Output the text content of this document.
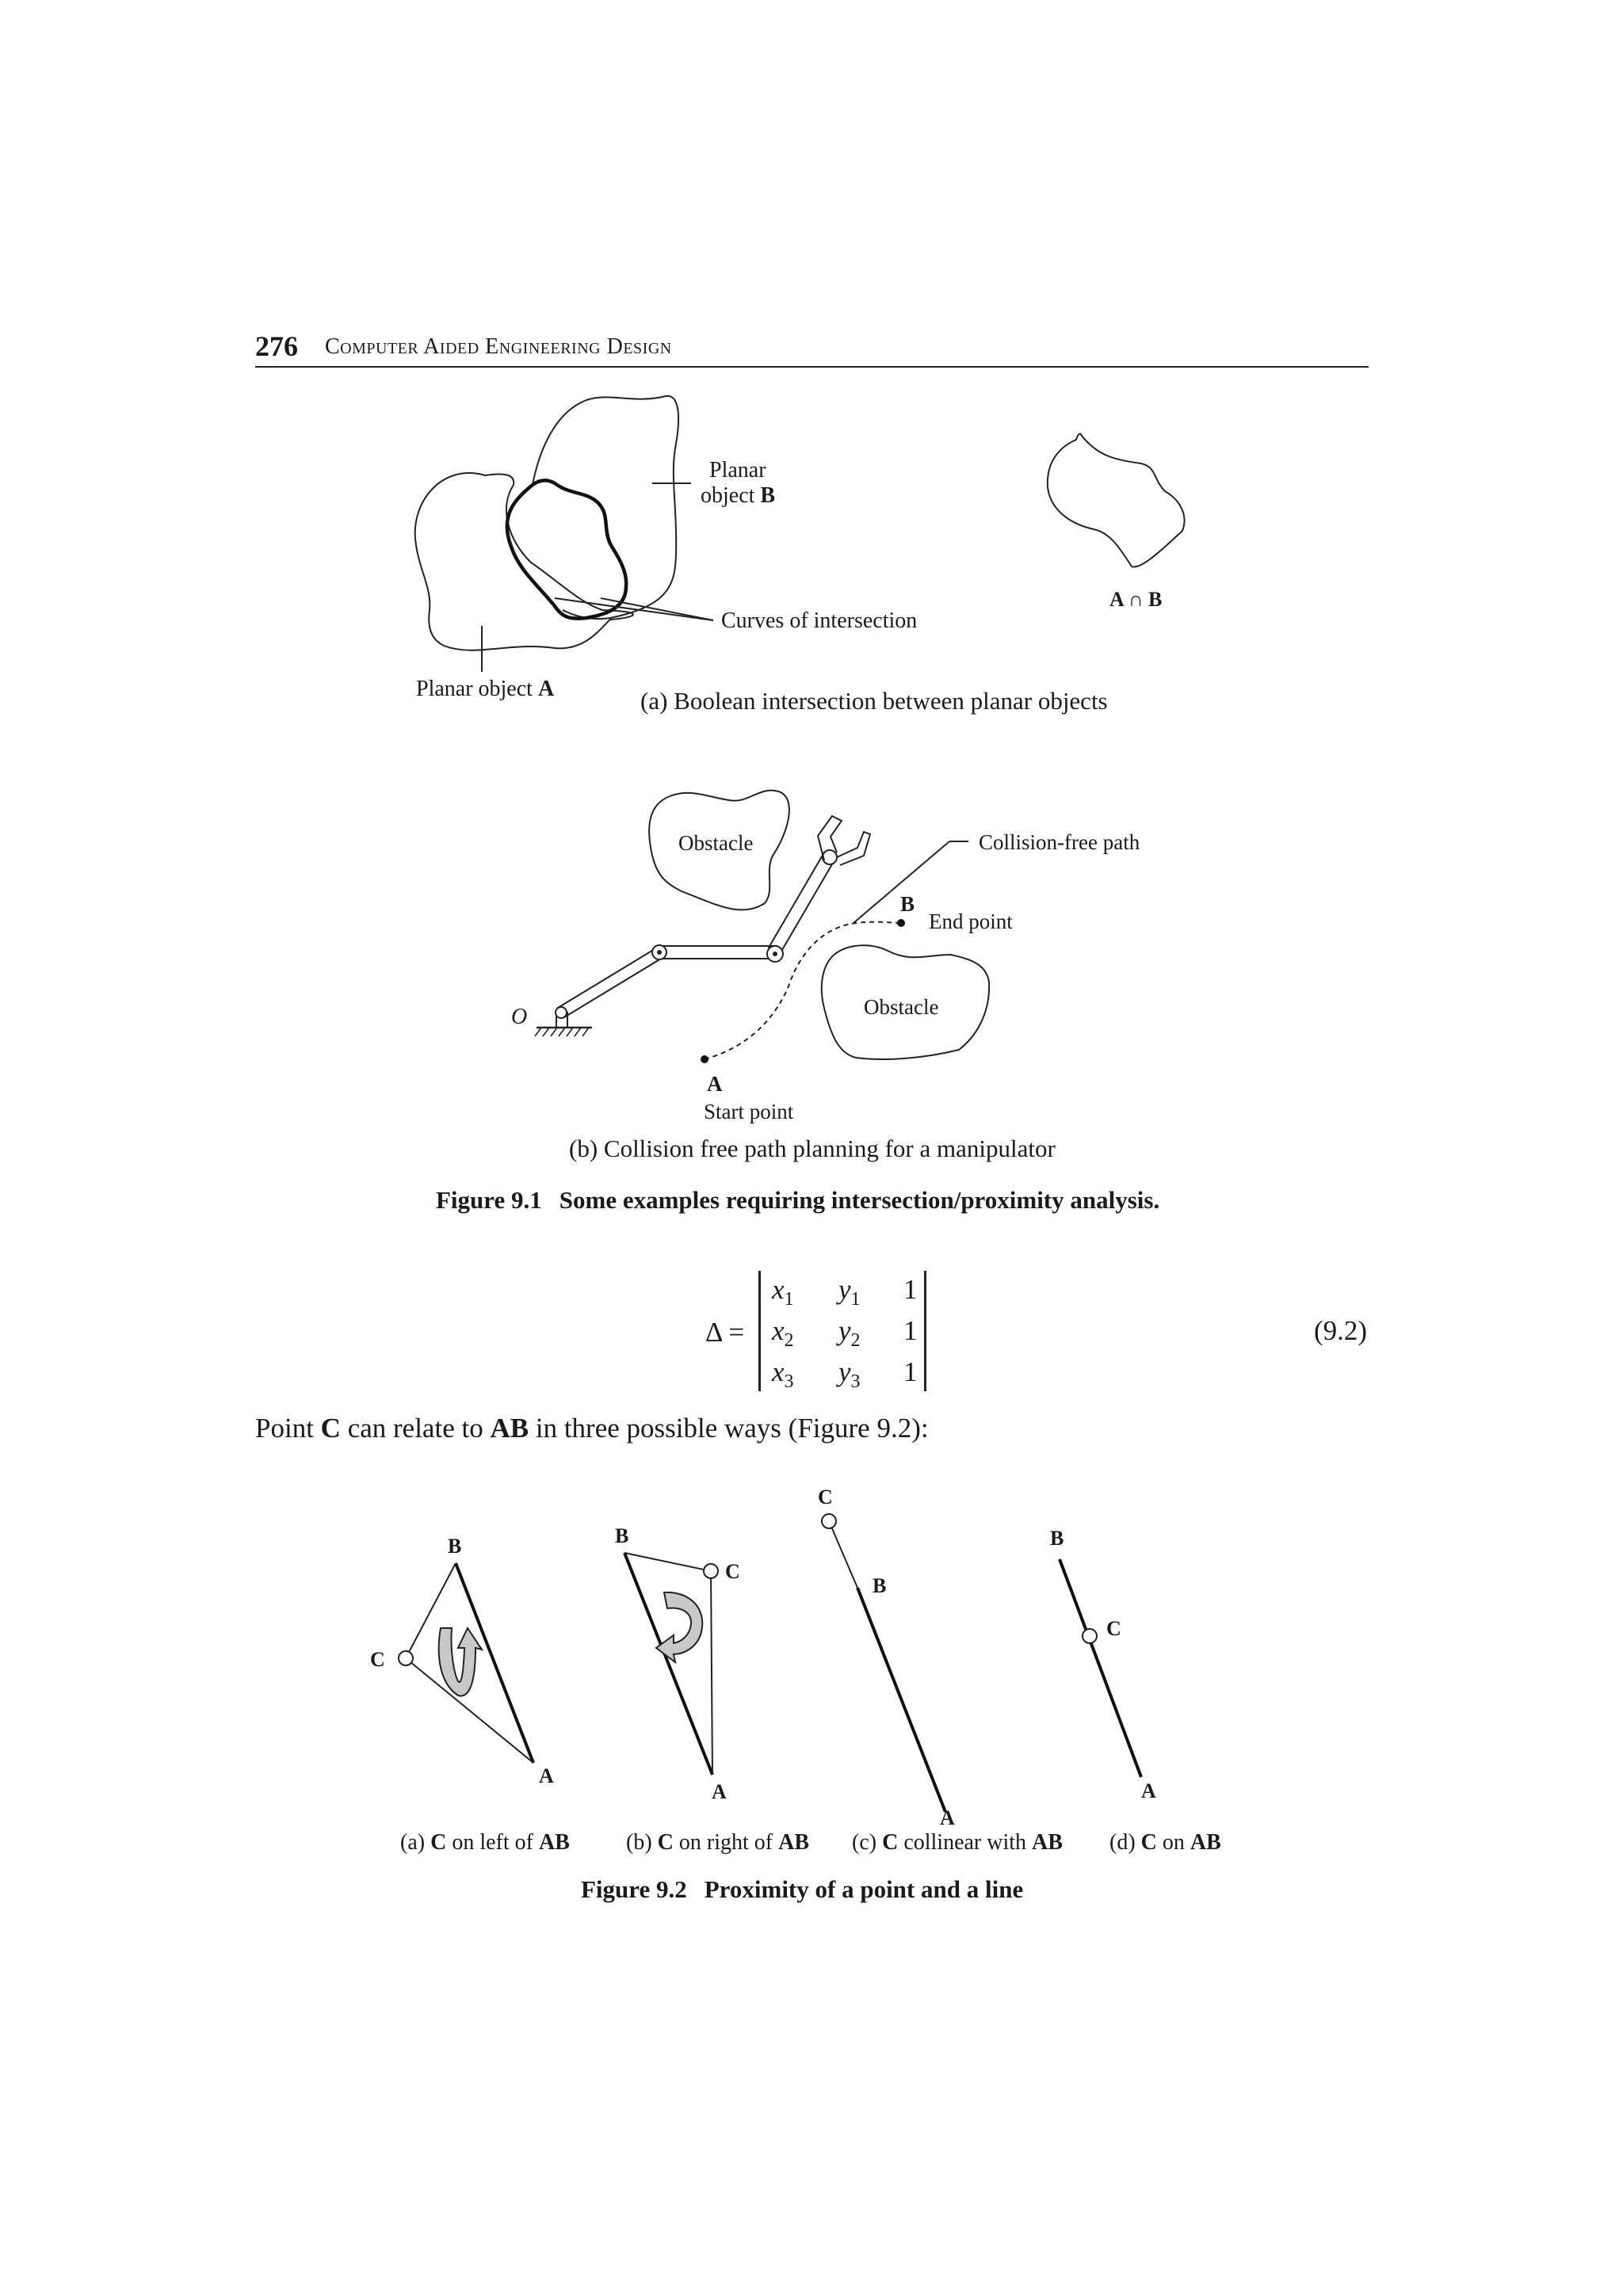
276 Computer Aided Engineering Design
Planar
object B
Curves of intersection
Planar object A
A ∩ B
(a) Boolean intersection between planar objects
Obstacle
Obstacle
Collision-free path
B
End point
A
Start point
O
(b) Collision free path planning for a manipulator
Figure 9.1 Some examples requiring intersection/proximity analysis.
Δ =
$x_1$ $y_1$ 1
$x_2$ $y_2$ 1
$x_3$ $y_3$ 1
(9.2)
Point C can relate to AB in three possible ways (Figure 9.2):
B
C
A
B
C
A
C
B
A
B
C
A
(a) C on left of AB	(b) C on right of AB (c) C collinear with AB (d) C on AB
Figure 9.2 Proximity of a point and a line
